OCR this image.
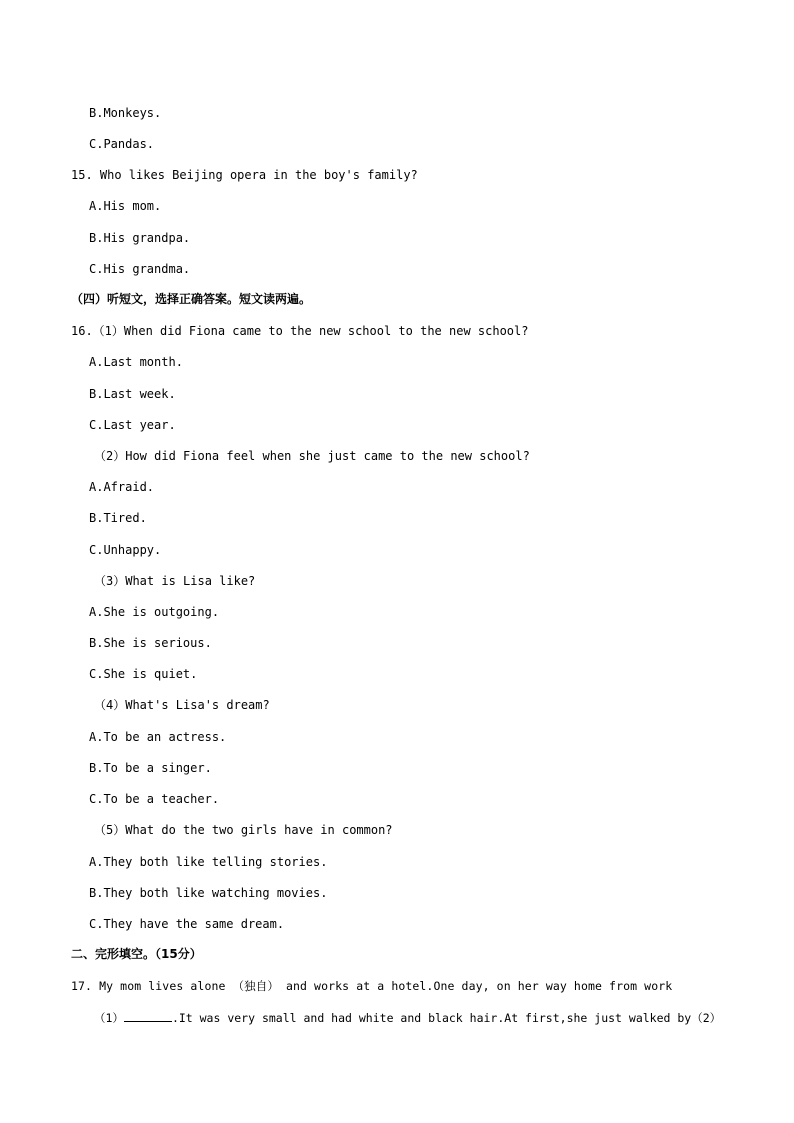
B.Monkeys.
C.Pandas.
15. Who likes Beijing opera in the boy's family?
A.His mom.
B.His grandpa.
C.His grandma.
（四）听短文，选择正确答案。短文读两遍。
16.（1）When did Fiona came to the new school to the new school?
A.Last month.
B.Last week.
C.Last year.
（2）How did Fiona feel when she just came to the new school?
A.Afraid.
B.Tired.
C.Unhappy.
（3）What is Lisa like?
A.She is outgoing.
B.She is serious.
C.She is quiet.
（4）What's Lisa's dream?
A.To be an actress.
B.To be a singer.
C.To be a teacher.
（5）What do the two girls have in common?
A.They both like telling stories.
B.They both like watching movies.
C.They have the same dream.
二、完形填空。（15分）
17. My mom lives alone （独自） and works at a hotel.One day, on her way home from work
（1）	.It was very small and had white and black hair.At first,she just walked by（2）
